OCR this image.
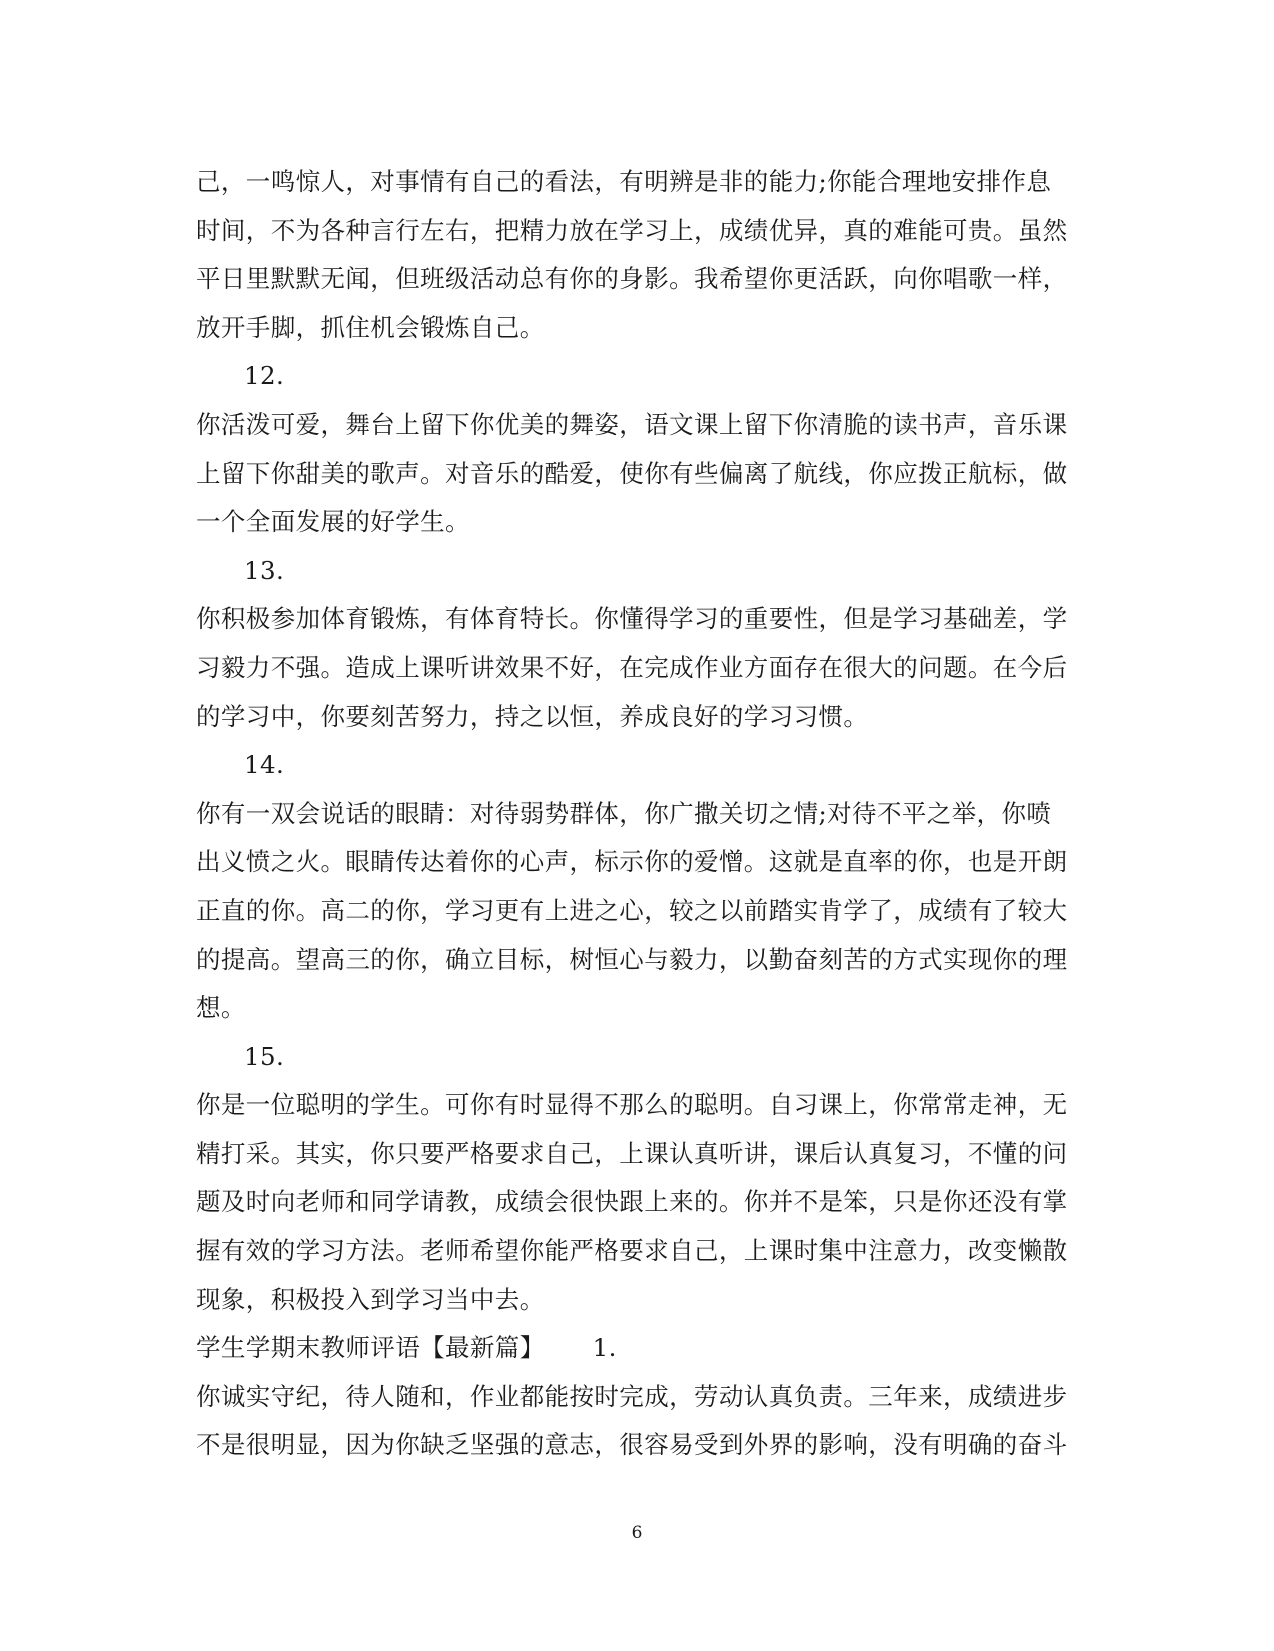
己，一鸣惊人，对事情有自己的看法，有明辨是非的能力;你能合理地安排作息
时间，不为各种言行左右，把精力放在学习上，成绩优异，真的难能可贵。虽然
平日里默默无闻，但班级活动总有你的身影。我希望你更活跃，向你唱歌一样，
放开手脚，抓住机会锻炼自己。
12.
你活泼可爱，舞台上留下你优美的舞姿，语文课上留下你清脆的读书声，音乐课
上留下你甜美的歌声。对音乐的酷爱，使你有些偏离了航线，你应拨正航标，做
一个全面发展的好学生。
13.
你积极参加体育锻炼，有体育特长。你懂得学习的重要性，但是学习基础差，学
习毅力不强。造成上课听讲效果不好，在完成作业方面存在很大的问题。在今后
的学习中，你要刻苦努力，持之以恒，养成良好的学习习惯。
14.
你有一双会说话的眼睛：对待弱势群体，你广撒关切之情;对待不平之举，你喷
出义愤之火。眼睛传达着你的心声，标示你的爱憎。这就是直率的你，也是开朗
正直的你。高二的你，学习更有上进之心，较之以前踏实肯学了，成绩有了较大
的提高。望高三的你，确立目标，树恒心与毅力，以勤奋刻苦的方式实现你的理
想。
15.
你是一位聪明的学生。可你有时显得不那么的聪明。自习课上，你常常走神，无
精打采。其实，你只要严格要求自己，上课认真听讲，课后认真复习，不懂的问
题及时向老师和同学请教，成绩会很快跟上来的。你并不是笨，只是你还没有掌
握有效的学习方法。老师希望你能严格要求自己，上课时集中注意力，改变懒散
现象，积极投入到学习当中去。
学生学期末教师评语【最新篇】	1.
你诚实守纪，待人随和，作业都能按时完成，劳动认真负责。三年来，成绩进步
不是很明显，因为你缺乏坚强的意志，很容易受到外界的影响，没有明确的奋斗
6
